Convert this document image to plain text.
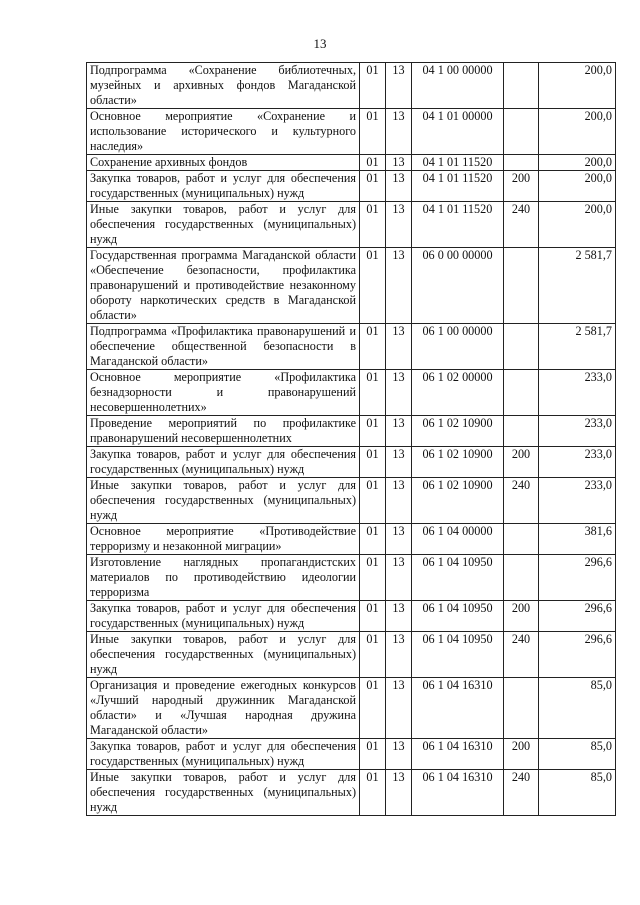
13
Подпрограмма «Сохранение библиотечных, музейных и архивных фондов Магаданской области»	01	13	04 1 00 00000		200,0
Основное мероприятие «Сохранение и использование исторического и культурного наследия»	01	13	04 1 01 00000		200,0
Сохранение архивных фондов	01	13	04 1 01 11520		200,0
Закупка товаров, работ и услуг для обеспечения государственных (муниципальных) нужд	01	13	04 1 01 11520	200	200,0
Иные закупки товаров, работ и услуг для обеспечения государственных (муниципальных) нужд	01	13	04 1 01 11520	240	200,0
Государственная программа Магаданской области «Обеспечение безопасности, профилактика правонарушений и противодействие незаконному обороту наркотических средств в Магаданской области»	01	13	06 0 00 00000		2 581,7
Подпрограмма «Профилактика правонарушений и обеспечение общественной безопасности в Магаданской области»	01	13	06 1 00 00000		2 581,7
Основное мероприятие «Профилактика безнадзорности и правонарушений несовершеннолетних»	01	13	06 1 02 00000		233,0
Проведение мероприятий по профилактике правонарушений несовершеннолетних	01	13	06 1 02 10900		233,0
Закупка товаров, работ и услуг для обеспечения государственных (муниципальных) нужд	01	13	06 1 02 10900	200	233,0
Иные закупки товаров, работ и услуг для обеспечения государственных (муниципальных) нужд	01	13	06 1 02 10900	240	233,0
Основное мероприятие «Противодействие терроризму и незаконной миграции»	01	13	06 1 04 00000		381,6
Изготовление наглядных пропагандистских материалов по противодействию идеологии терроризма	01	13	06 1 04 10950		296,6
Закупка товаров, работ и услуг для обеспечения государственных (муниципальных) нужд	01	13	06 1 04 10950	200	296,6
Иные закупки товаров, работ и услуг для обеспечения государственных (муниципальных) нужд	01	13	06 1 04 10950	240	296,6
Организация и проведение ежегодных конкурсов «Лучший народный дружинник Магаданской области» и «Лучшая народная дружина Магаданской области»	01	13	06 1 04 16310		85,0
Закупка товаров, работ и услуг для обеспечения государственных (муниципальных) нужд	01	13	06 1 04 16310	200	85,0
Иные закупки товаров, работ и услуг для обеспечения государственных (муниципальных) нужд	01	13	06 1 04 16310	240	85,0
